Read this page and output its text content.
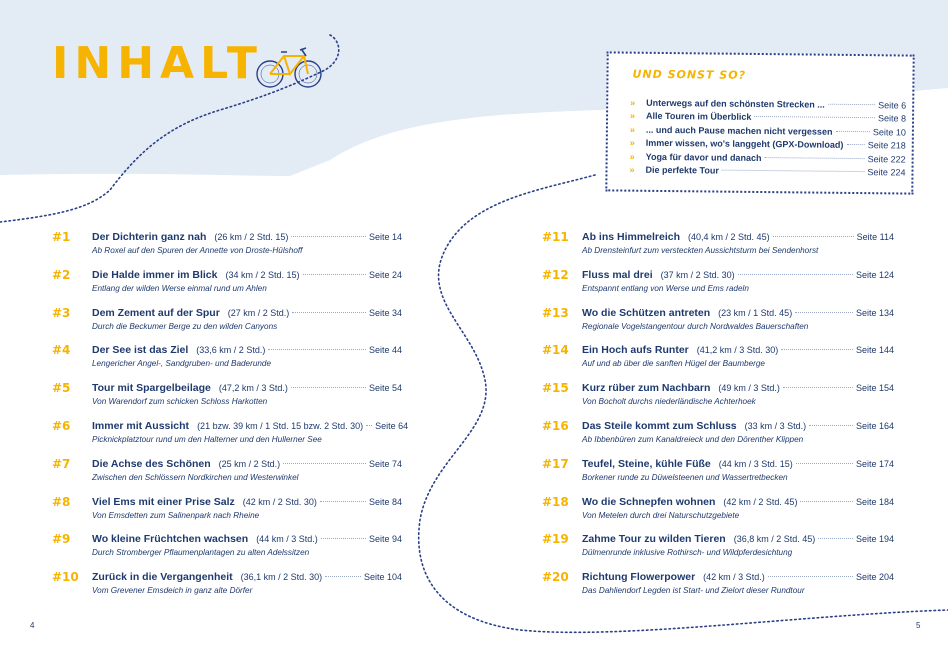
INHALT	UND SONST SO?
»	Unterwegs auf den schönsten Strecken ...	Seite 6
»	Alle Touren im Überblick	Seite 8
»	... und auch Pause machen nicht vergessen	Seite 10
»	Immer wissen, wo's langgeht (GPX-Download)	Seite 218
»	Yoga für davor und danach	Seite 222
»	Die perfekte Tour	Seite 224
#1 Der Dichterin ganz nah (26 km / 2 Std. 15)	Seite 14
Ab Roxel auf den Spuren der Annette von Droste-Hülshoff
#2 Die Halde immer im Blick (34 km / 2 Std. 15)	Seite 24
Entlang der wilden Werse einmal rund um Ahlen
#3 Dem Zement auf der Spur (27 km / 2 Std.)	Seite 34
Durch die Beckumer Berge zu den wilden Canyons
#4 Der See ist das Ziel (33,6 km / 2 Std.)	Seite 44
Lengericher Angel-, Sandgruben- und Baderunde
#5 Tour mit Spargelbeilage (47,2 km / 3 Std.)	Seite 54
Von Warendorf zum schicken Schloss Harkotten
#6 Immer mit Aussicht (21 bzw. 39 km / 1 Std. 15 bzw. 2 Std. 30) Seite 64
Picknickplatztour rund um den Halterner und den Hullerner See
#7 Die Achse des Schönen (25 km / 2 Std.)	Seite 74
Zwischen den Schlössern Nordkirchen und Westerwinkel
#8 Viel Ems mit einer Prise Salz (42 km / 2 Std. 30)	Seite 84
Von Emsdetten zum Salinenpark nach Rheine
#9 Wo kleine Früchtchen wachsen (44 km / 3 Std.)	Seite 94
Durch Stromberger Pflaumenplantagen zu alten Adelssitzen
#10 Zurück in die Vergangenheit (36,1 km / 2 Std. 30)	Seite 104
Vom Grevener Emsdeich in ganz alte Dörfer
#11 Ab ins Himmelreich (40,4 km / 2 Std. 45)	Seite 114
Ab Drensteinfurt zum versteckten Aussichtsturm bei Sendenhorst
#12 Fluss mal drei (37 km / 2 Std. 30)	Seite 124
Entspannt entlang von Werse und Ems radeln
#13 Wo die Schützen antreten (23 km / 1 Std. 45)	Seite 134
Regionale Vogelstangentour durch Nordwaldes Bauerschaften
#14 Ein Hoch aufs Runter (41,2 km / 3 Std. 30)	Seite 144
Auf und ab über die sanften Hügel der Baumberge
#15 Kurz rüber zum Nachbarn (49 km / 3 Std.)	Seite 154
Von Bocholt durchs niederländische Achterhoek
#16 Das Steile kommt zum Schluss (33 km / 3 Std.)	Seite 164
Ab Ibbenbüren zum Kanaldreieck und den Dörenther Klippen
#17 Teufel, Steine, kühle Füße (44 km / 3 Std. 15)	Seite 174
Borkener runde zu Düwelsteenen und Wassertretbecken
#18 Wo die Schnepfen wohnen (42 km / 2 Std. 45)	Seite 184
Von Metelen durch drei Naturschutzgebiete
#19 Zahme Tour zu wilden Tieren (36,8 km / 2 Std. 45)	Seite 194
Dülmenrunde inklusive Rothirsch- und Wildpferdesichtung
#20 Richtung Flowerpower (42 km / 3 Std.)	Seite 204
Das Dahliendorf Legden ist Start- und Zielort dieser Rundtour
4	5
